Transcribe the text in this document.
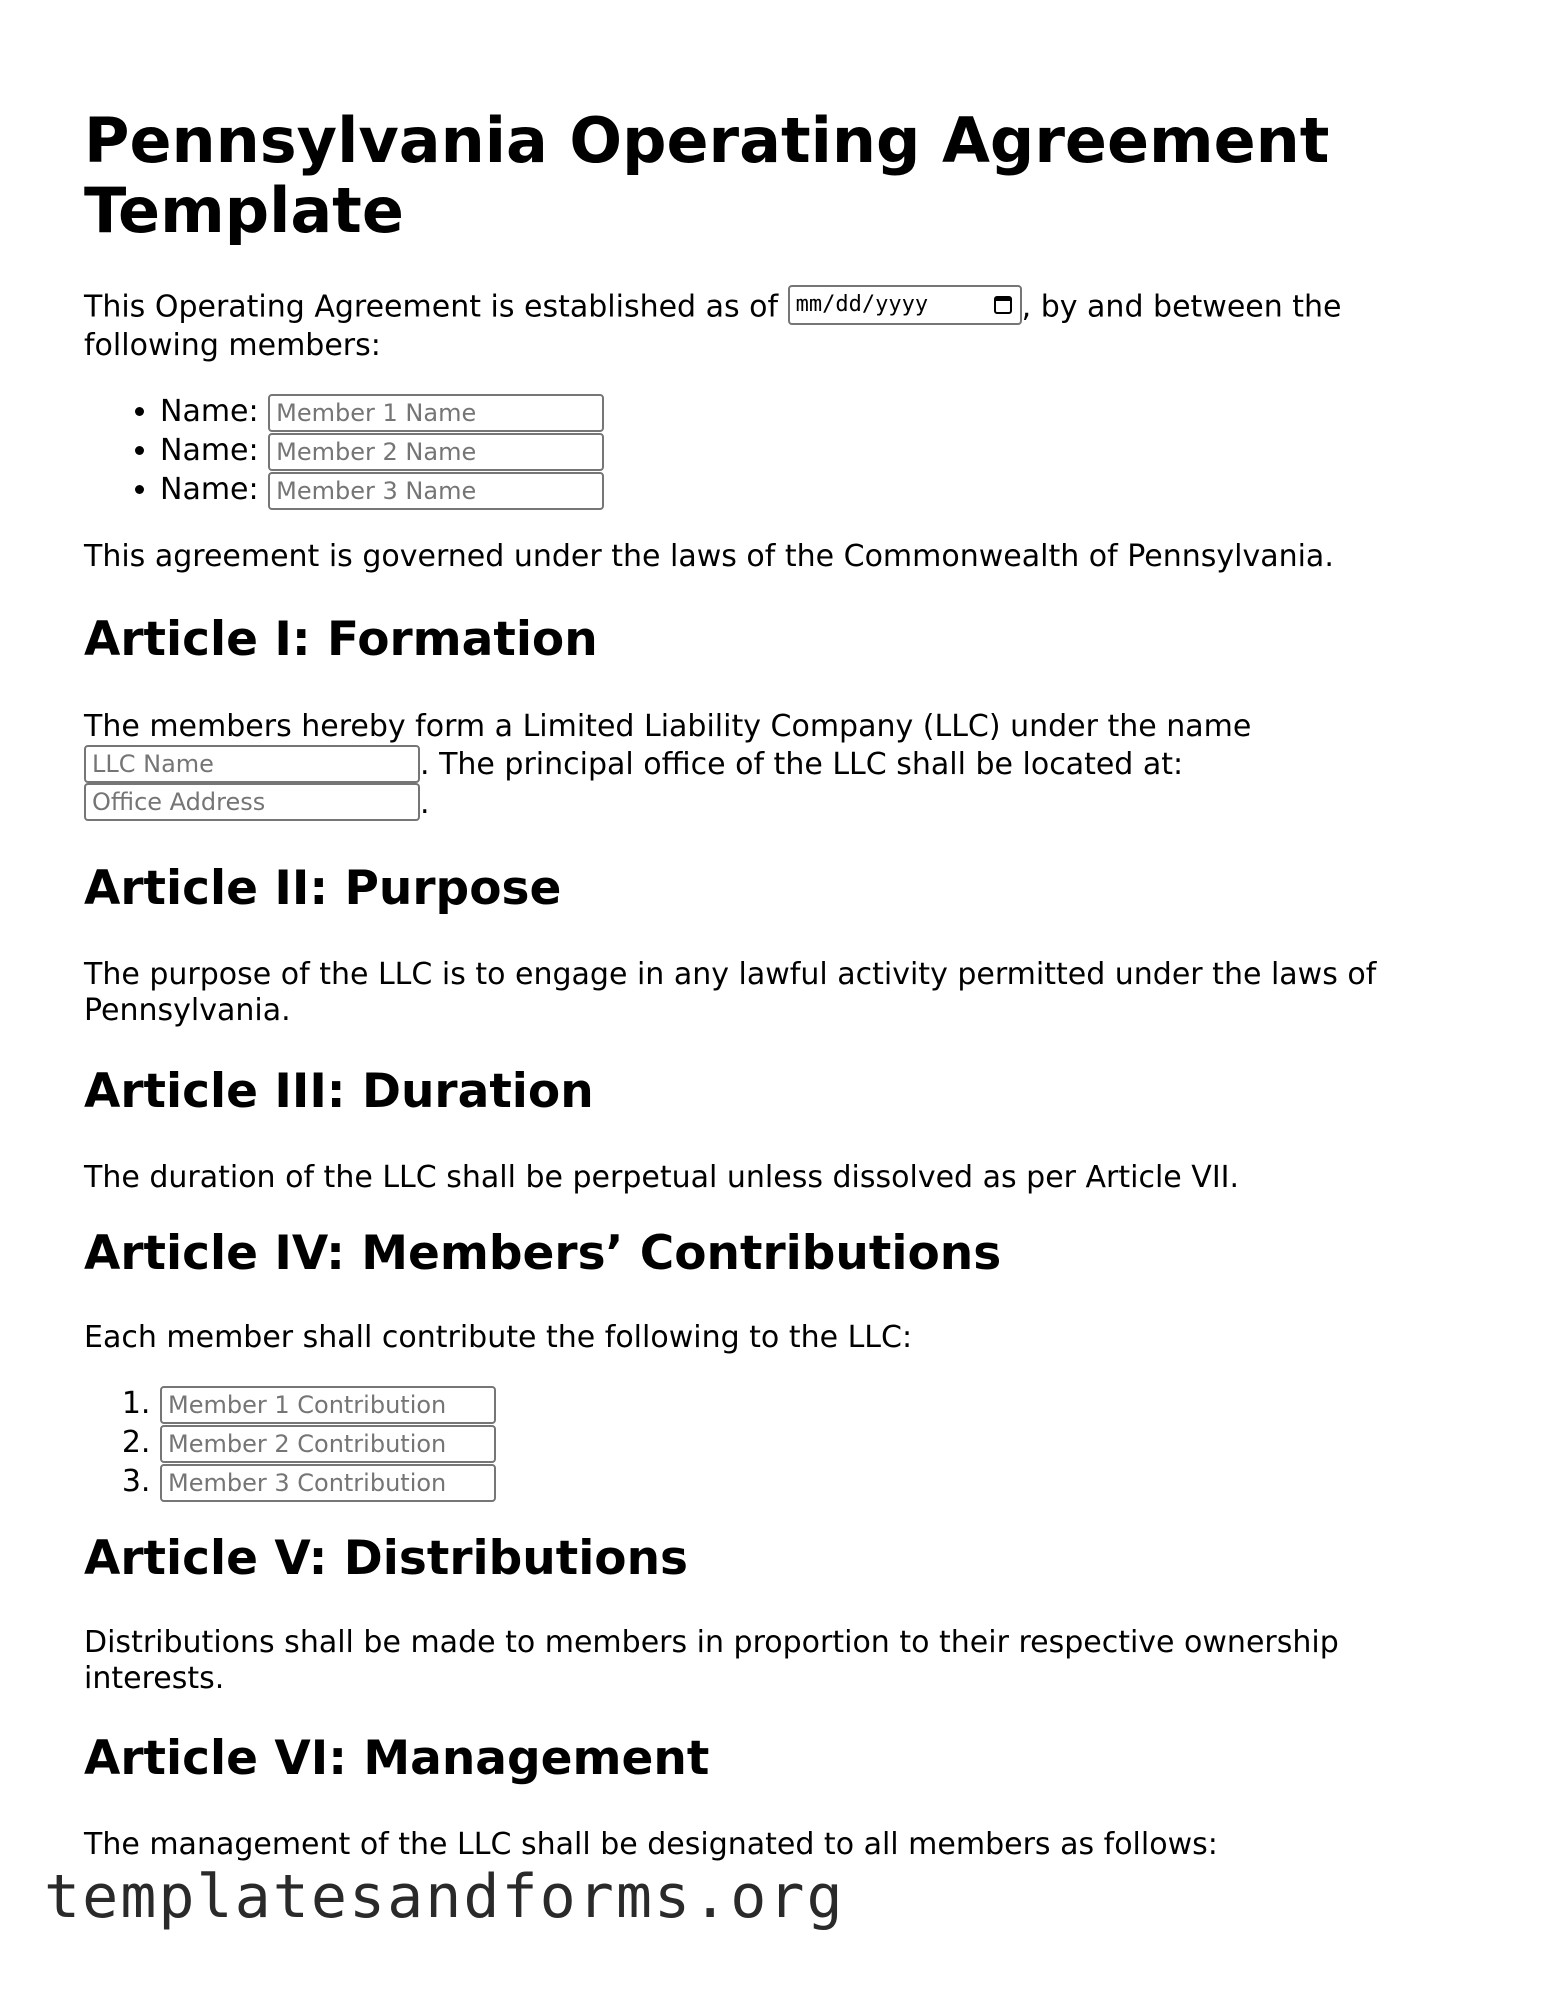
Pennsylvania Operating Agreement Template

This Operating Agreement is established as of mm/dd/yyyy	, by and between the following members:

• Name: Member 1 Name
• Name: Member 2 Name
• Name: Member 3 Name

This agreement is governed under the laws of the Commonwealth of Pennsylvania.

Article I: Formation

The members hereby form a Limited Liability Company (LLC) under the name LLC Name. The principal office of the LLC shall be located at: Office Address.

Article II: Purpose

The purpose of the LLC is to engage in any lawful activity permitted under the laws of Pennsylvania.

Article III: Duration

The duration of the LLC shall be perpetual unless dissolved as per Article VII.

Article IV: Members’ Contributions

Each member shall contribute the following to the LLC:

1. Member 1 Contribution
2. Member 2 Contribution
3. Member 3 Contribution
Article V: Distributions

Distributions shall be made to members in proportion to their respective ownership interests.

Article VI: Management

The management of the LLC shall be designated to all members as follows:

templatesandforms.org
